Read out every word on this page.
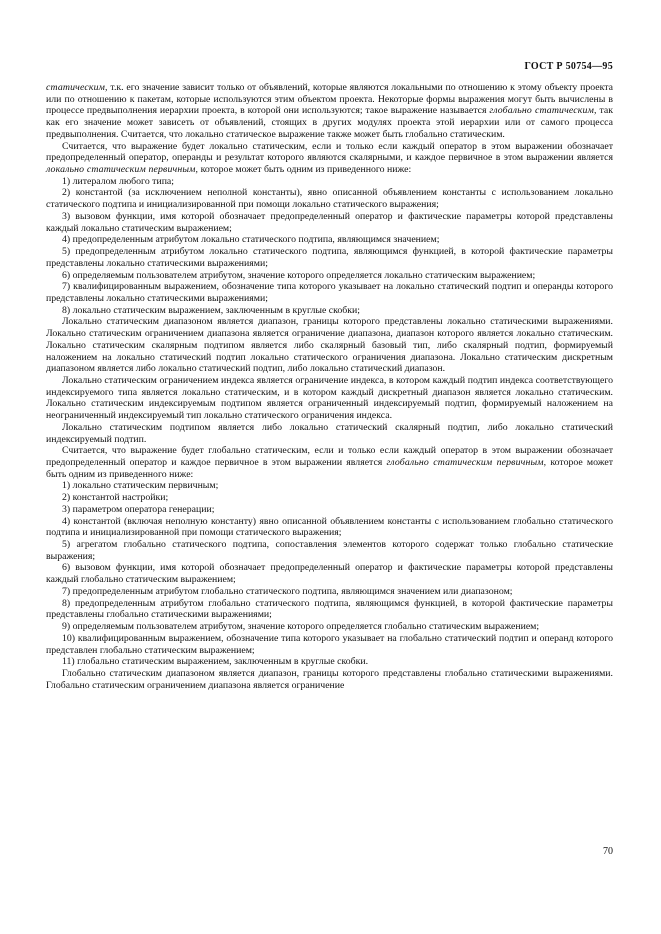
ГОСТ Р 50754—95

статическим, т.к. его значение зависит только от объявлений, которые являются локальными по отношению к этому объекту проекта или по отношению к пакетам, которые используются этим объектом проекта. Некоторые формы выражения могут быть вычислены в процессе предвыполнения иерархии проекта, в которой они используются; такое выражение называется глобально статическим, так как его значение может зависеть от объявлений, стоящих в других модулях проекта этой иерархии или от самого процесса предвыполнения. Считается, что локально статическое выражение также может быть глобально статическим.

Считается, что выражение будет локально статическим, если и только если каждый оператор в этом выражении обозначает предопределенный оператор, операнды и результат которого являются скалярными, и каждое первичное в этом выражении является локально статическим первичным, которое может быть одним из приведенного ниже:

1) литералом любого типа;

2) константой (за исключением неполной константы), явно описанной объявлением константы с использованием локально статического подтипа и инициализированной при помощи локально статического выражения;

3) вызовом функции, имя которой обозначает предопределенный оператор и фактические параметры которой представлены каждый локально статическим выражением;

4) предопределенным атрибутом локально статического подтипа, являющимся значением;

5) предопределенным атрибутом локально статического подтипа, являющимся функцией, в которой фактические параметры представлены локально статическими выражениями;

6) определяемым пользователем атрибутом, значение которого определяется локально статическим выражением;

7) квалифицированным выражением, обозначение типа которого указывает на локально статический подтип и операнды которого представлены локально статическими выражениями;

8) локально статическим выражением, заключенным в круглые скобки;

Локально статическим диапазоном является диапазон, границы которого представлены локально статическими выражениями. Локально статическим ограничением диапазона является ограничение диапазона, диапазон которого является локально статическим. Локально статическим скалярным подтипом является либо скалярный базовый тип, либо скалярный подтип, формируемый наложением на локально статический подтип локально статического ограничения диапазона. Локально статическим дискретным диапазоном является либо локально статический подтип, либо локально статический диапазон.

Локально статическим ограничением индекса является ограничение индекса, в котором каждый подтип индекса соответствующего индексируемого типа является локально статическим, и в котором каждый дискретный диапазон является локально статическим. Локально статическим индексируемым подтипом является ограниченный индексируемый подтип, формируемый наложением на неограниченный индексируемый тип локально статического ограничения индекса.

Локально статическим подтипом является либо локально статический скалярный подтип, либо локально статический индексируемый подтип.

Считается, что выражение будет глобально статическим, если и только если каждый оператор в этом выражении обозначает предопределенный оператор и каждое первичное в этом выражении является глобально статическим первичным, которое может быть одним из приведенного ниже:

1) локально статическим первичным;

2) константой настройки;

3) параметром оператора генерации;

4) константой (включая неполную константу) явно описанной объявлением константы с использованием глобально статического подтипа и инициализированной при помощи статического выражения;

5) агрегатом глобально статического подтипа, сопоставления элементов которого содержат только глобально статические выражения;

6) вызовом функции, имя которой обозначает предопределенный оператор и фактические параметры которой представлены каждый глобально статическим выражением;

7) предопределенным атрибутом глобально статического подтипа, являющимся значением или диапазоном;

8) предопределенным атрибутом глобально статического подтипа, являющимся функцией, в которой фактические параметры представлены глобально статическими выражениями;

9) определяемым пользователем атрибутом, значение которого определяется глобально статическим выражением;

10) квалифицированным выражением, обозначение типа которого указывает на глобально статический подтип и операнд которого представлен глобально статическим выражением;

11) глобально статическим выражением, заключенным в круглые скобки.

Глобально статическим диапазоном является диапазон, границы которого представлены глобально статическими выражениями. Глобально статическим ограничением диапазона является ограничение

70
